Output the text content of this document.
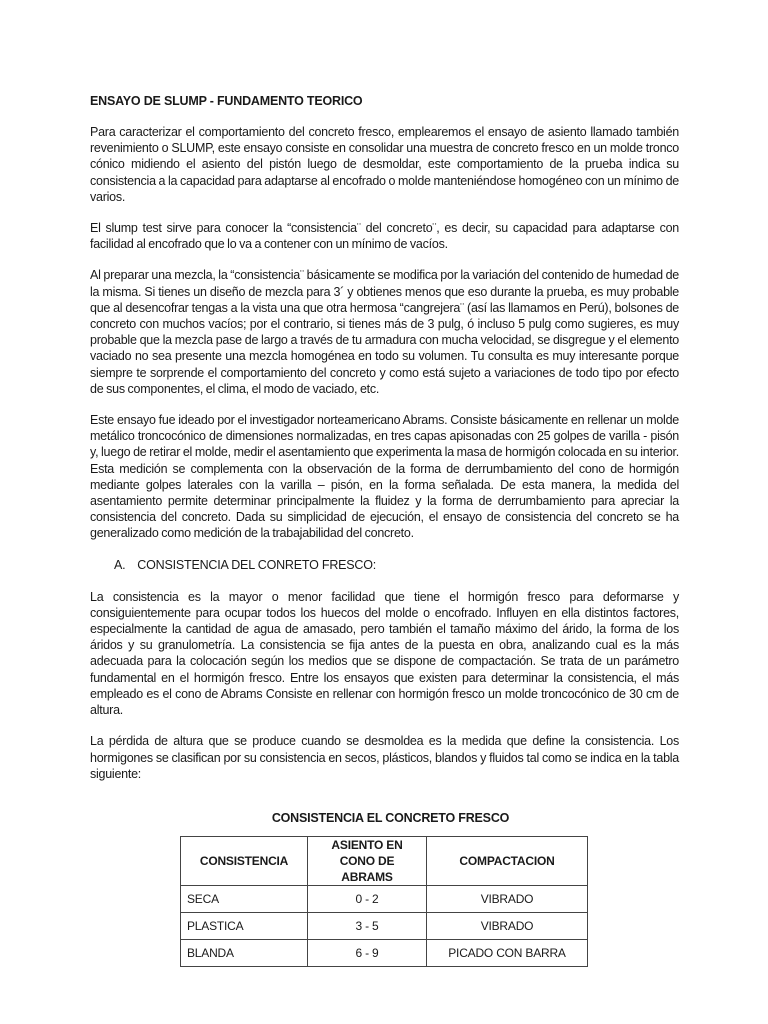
ENSAYO DE SLUMP - FUNDAMENTO TEORICO

Para caracterizar el comportamiento del concreto fresco, emplearemos el ensayo de asiento llamado también revenimiento o SLUMP, este ensayo consiste en consolidar una muestra de concreto fresco en un molde tronco cónico midiendo el asiento del pistón luego de desmoldar, este comportamiento de la prueba indica su consistencia a la capacidad para adaptarse al encofrado o molde manteniéndose homogéneo con un mínimo de varios.

El slump test sirve para conocer la “consistencia¨ del concreto¨, es decir, su capacidad para adaptarse con facilidad al encofrado que lo va a contener con un mínimo de vacíos.

Al preparar una mezcla, la “consistencia¨ básicamente se modifica por la variación del contenido de humedad de la misma. Si tienes un diseño de mezcla para 3´ y obtienes menos que eso durante la prueba, es muy probable que al desencofrar tengas a la vista una que otra hermosa “cangrejera¨ (así las llamamos en Perú), bolsones de concreto con muchos vacíos; por el contrario, si tienes más de 3 pulg, ó incluso 5 pulg como sugieres, es muy probable que la mezcla pase de largo a través de tu armadura con mucha velocidad, se disgregue y el elemento vaciado no sea presente una mezcla homogénea en todo su volumen. Tu consulta es muy interesante porque siempre te sorprende el comportamiento del concreto y como está sujeto a variaciones de todo tipo por efecto de sus componentes, el clima, el modo de vaciado, etc.

Este ensayo fue ideado por el investigador norteamericano Abrams. Consiste básicamente en rellenar un molde metálico troncocónico de dimensiones normalizadas, en tres capas apisonadas con 25 golpes de varilla - pisón y, luego de retirar el molde, medir el asentamiento que experimenta la masa de hormigón colocada en su interior. Esta medición se complementa con la observación de la forma de derrumbamiento del cono de hormigón mediante golpes laterales con la varilla – pisón, en la forma señalada. De esta manera, la medida del asentamiento permite determinar principalmente la fluidez y la forma de derrumbamiento para apreciar la consistencia del concreto. Dada su simplicidad de ejecución, el ensayo de consistencia del concreto se ha generalizado como medición de la trabajabilidad del concreto.

A. CONSISTENCIA DEL CONRETO FRESCO:

La consistencia es la mayor o menor facilidad que tiene el hormigón fresco para deformarse y consiguientemente para ocupar todos los huecos del molde o encofrado. Influyen en ella distintos factores, especialmente la cantidad de agua de amasado, pero también el tamaño máximo del árido, la forma de los áridos y su granulometría. La consistencia se fija antes de la puesta en obra, analizando cual es la más adecuada para la colocación según los medios que se dispone de compactación. Se trata de un parámetro fundamental en el hormigón fresco. Entre los ensayos que existen para determinar la consistencia, el más empleado es el cono de Abrams Consiste en rellenar con hormigón fresco un molde troncocónico de 30 cm de altura.

La pérdida de altura que se produce cuando se desmoldea es la medida que define la consistencia. Los hormigones se clasifican por su consistencia en secos, plásticos, blandos y fluidos tal como se indica en la tabla siguiente:

CONSISTENCIA EL CONCRETO FRESCO
CONSISTENCIA	ASIENTO EN CONO DE ABRAMS	COMPACTACION
SECA	0 - 2	VIBRADO
PLASTICA	3 - 5	VIBRADO
BLANDA	6 - 9	PICADO CON BARRA
